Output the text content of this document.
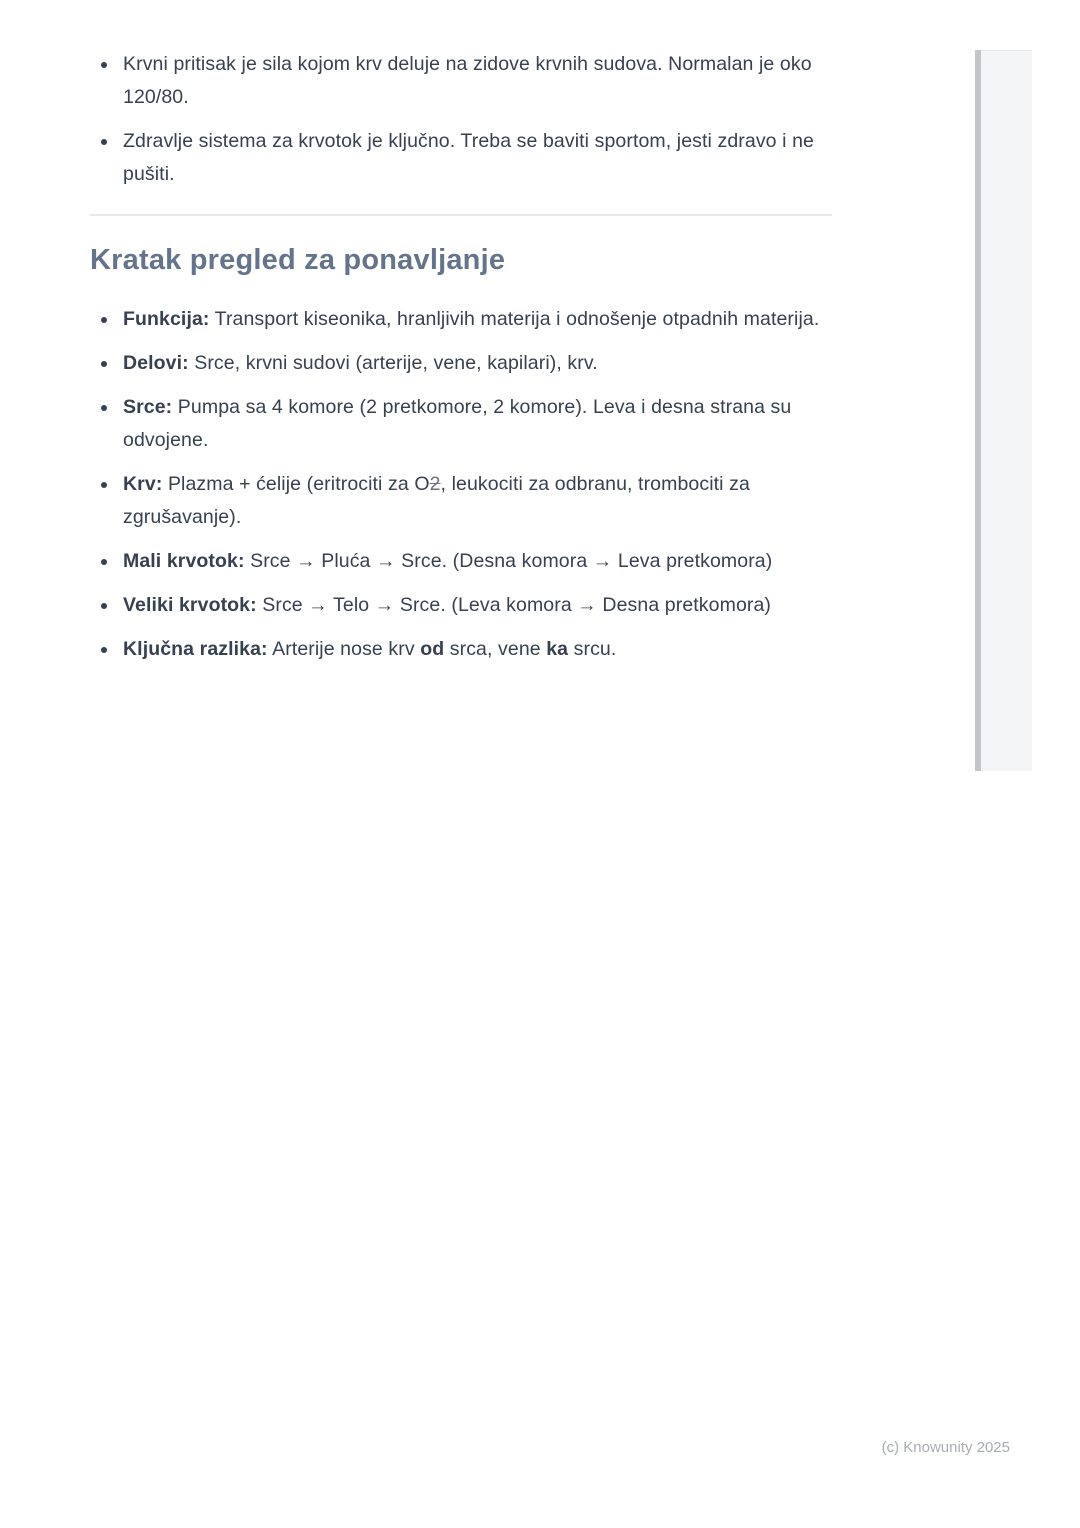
Krvni pritisak je sila kojom krv deluje na zidove krvnih sudova. Normalan je oko 120/80.
Zdravlje sistema za krvotok je ključno. Treba se baviti sportom, jesti zdravo i ne pušiti.
Kratak pregled za ponavljanje
Funkcija: Transport kiseonika, hranljivih materija i odnošenje otpadnih materija.
Delovi: Srce, krvni sudovi (arterije, vene, kapilari), krv.
Srce: Pumpa sa 4 komore (2 pretkomore, 2 komore). Leva i desna strana su odvojene.
Krv: Plazma + ćelije (eritrociti za O2, leukociti za odbranu, trombociti za zgrušavanje).
Mali krvotok: Srce → Pluća → Srce. (Desna komora → Leva pretkomora)
Veliki krvotok: Srce → Telo → Srce. (Leva komora → Desna pretkomora)
Ključna razlika: Arterije nose krv od srca, vene ka srcu.
(c) Knowunity 2025
